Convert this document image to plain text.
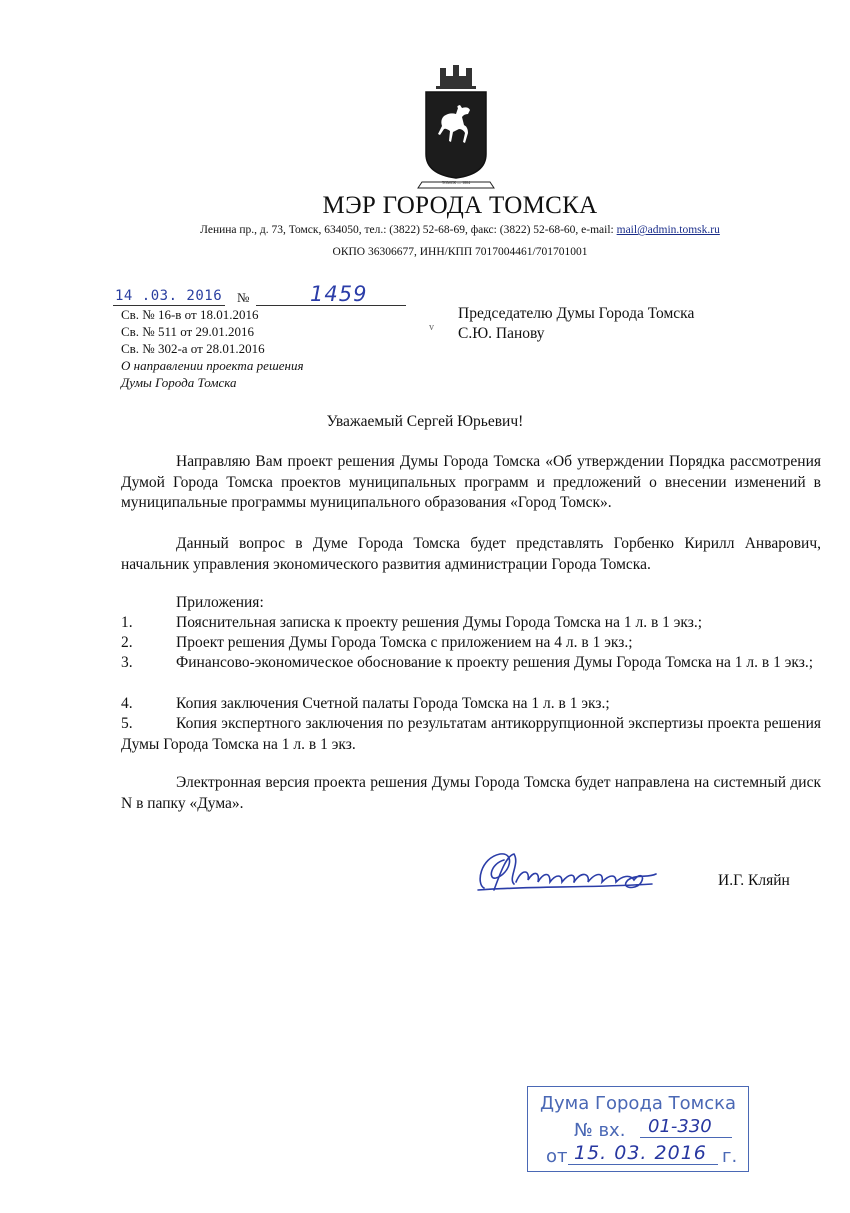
ТОМСК — 1604
МЭР ГОРОДА ТОМСКА
Ленина пр., д. 73, Томск, 634050, тел.: (3822) 52-68-69, факс: (3822) 52-68-60, e-mail: mail@admin.tomsk.ru
ОКПО 36306677, ИНН/КПП 7017004461/701701001
14 .03. 2016 №	1459
Св. № 16-в от 18.01.2016
Св. № 511 от 29.01.2016
Св. № 302-а от 28.01.2016
О направлении проекта решения
Думы Города Томска
v
Председателю Думы Города Томска
С.Ю. Панову
Уважаемый Сергей Юрьевич!
Направляю Вам проект решения Думы Города Томска «Об утверждении Порядка рассмотрения Думой Города Томска проектов муниципальных программ и предложений о внесении изменений в муниципальные программы муниципального образования «Город Томск».
Данный вопрос в Думе Города Томска будет представлять Горбенко Кирилл Анварович, начальник управления экономического развития администрации Города Томска.
Приложения:
1.	Пояснительная записка к проекту решения Думы Города Томска на 1 л. в 1 экз.;
2.	Проект решения Думы Города Томска с приложением на 4 л. в 1 экз.;
3.	Финансово-экономическое обоснование к проекту решения Думы Города Томска на 1 л. в 1 экз.;
4.	Копия заключения Счетной палаты Города Томска на 1 л. в 1 экз.;
5.	Копия экспертного заключения по результатам антикоррупционной экспертизы проекта решения Думы Города Томска на 1 л. в 1 экз.
Электронная версия проекта решения Думы Города Томска будет направлена на системный диск N в папку «Дума».
И.Г. Кляйн
Дума Города Томска
№ вх. 01-330
от 15. 03. 2016 г.
